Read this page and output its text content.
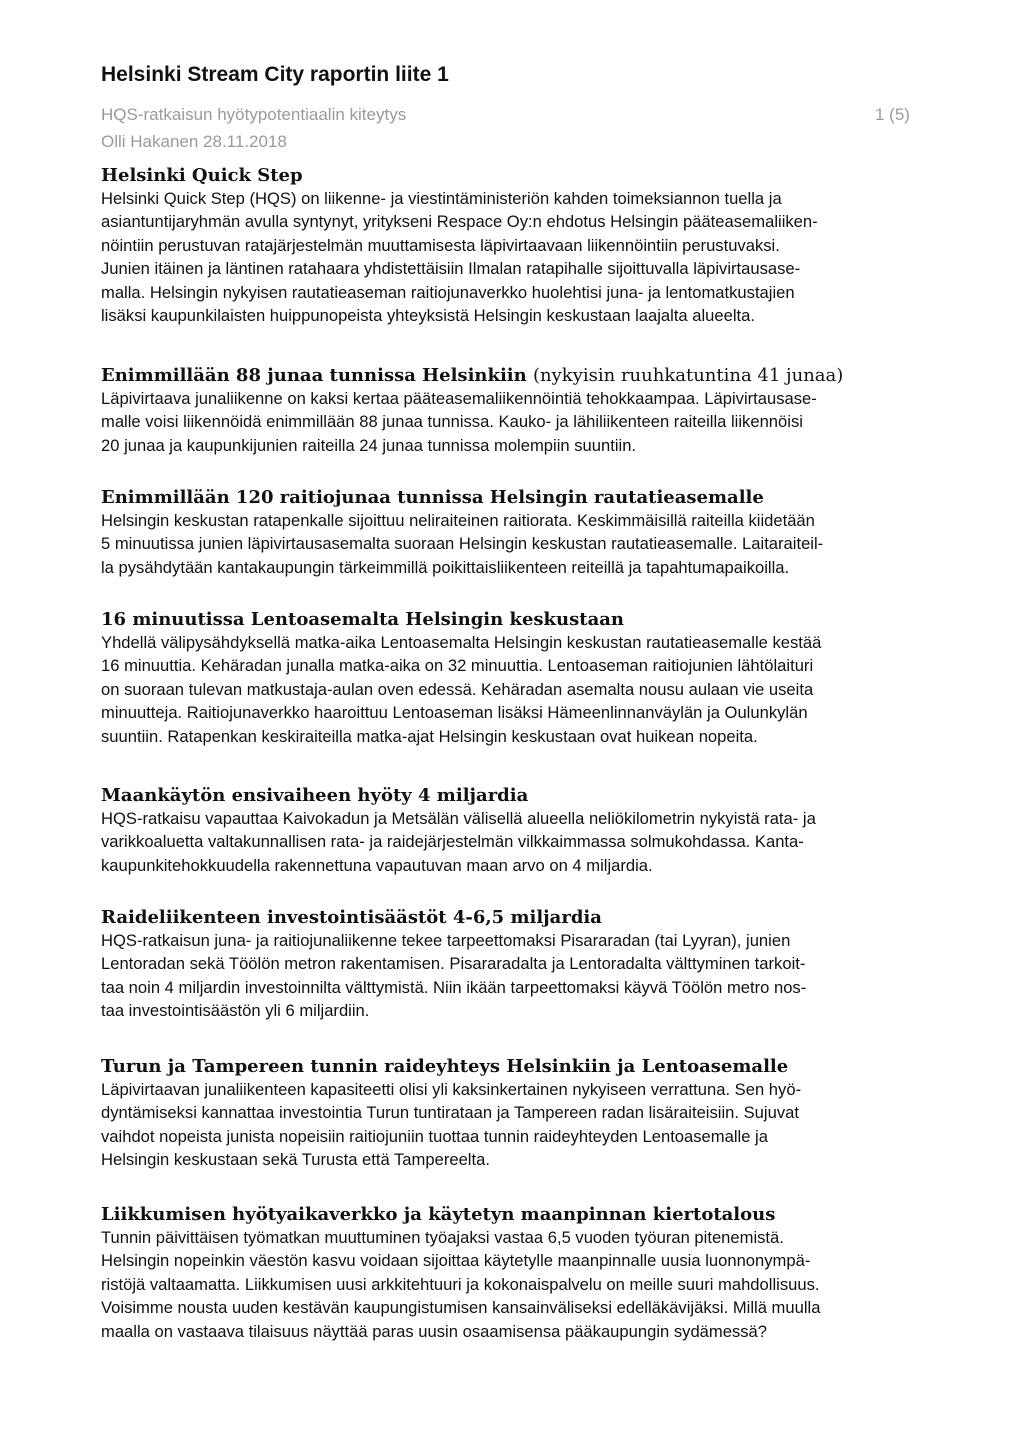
Helsinki Stream City raportin liite 1
HQS-ratkaisun hyötypotentiaalin kiteytys
Olli Hakanen 28.11.2018
1 (5)
Helsinki Quick Step

Helsinki Quick Step (HQS) on liikenne- ja viestintäministeriön kahden toimeksiannon tuella ja
asiantuntijaryhmän avulla syntynyt, yritykseni Respace Oy:n ehdotus Helsingin pääteasemaliiken-
nöintiin perustuvan ratajärjestelmän muuttamisesta läpivirtaavaan liikennöintiin perustuvaksi.
Junien itäinen ja läntinen ratahaara yhdistettäisiin Ilmalan ratapihalle sijoittuvalla läpivirtausase-
malla. Helsingin nykyisen rautatieaseman raitiojunaverkko huolehtisi juna- ja lentomatkustajien
lisäksi kaupunkilaisten huippunopeista yhteyksistä Helsingin keskustaan laajalta alueelta.

Enimmillään 88 junaa tunnissa Helsinkiin (nykyisin ruuhkatuntina 41 junaa)

Läpivirtaava junaliikenne on kaksi kertaa pääteasemaliikennöintiä tehokkaampaa. Läpivirtausase-
malle voisi liikennöidä enimmillään 88 junaa tunnissa. Kauko- ja lähiliikenteen raiteilla liikennöisi
20 junaa ja kaupunkijunien raiteilla 24 junaa tunnissa molempiin suuntiin.

Enimmillään 120 raitiojunaa tunnissa Helsingin rautatieasemalle

Helsingin keskustan ratapenkalle sijoittuu neliraiteinen raitiorata. Keskimmäisillä raiteilla kiidetään
5 minuutissa junien läpivirtausasemalta suoraan Helsingin keskustan rautatieasemalle. Laitaraiteil-
la pysähdytään kantakaupungin tärkeimmillä poikittaisliikenteen reiteillä ja tapahtumapaikoilla.

16 minuutissa Lentoasemalta Helsingin keskustaan

Yhdellä välipysähdyksellä matka-aika Lentoasemalta Helsingin keskustan rautatieasemalle kestää
16 minuuttia. Kehäradan junalla matka-aika on 32 minuuttia. Lentoaseman raitiojunien lähtölaituri
on suoraan tulevan matkustaja-aulan oven edessä. Kehäradan asemalta nousu aulaan vie useita
minuutteja. Raitiojunaverkko haaroittuu Lentoaseman lisäksi Hämeenlinnanväylän ja Oulunkylän
suuntiin. Ratapenkan keskiraiteilla matka-ajat Helsingin keskustaan ovat huikean nopeita.

Maankäytön ensivaiheen hyöty 4 miljardia

HQS-ratkaisu vapauttaa Kaivokadun ja Metsälän välisellä alueella neliökilometrin nykyistä rata- ja
varikkoaluetta valtakunnallisen rata- ja raidejärjestelmän vilkkaimmassa solmukohdassa. Kanta-
kaupunkitehokkuudella rakennettuna vapautuvan maan arvo on 4 miljardia.

Raideliikenteen investointisäästöt 4-6,5 miljardia

HQS-ratkaisun juna- ja raitiojunaliikenne tekee tarpeettomaksi Pisararadan (tai Lyyran), junien
Lentoradan sekä Töölön metron rakentamisen. Pisararadalta ja Lentoradalta välttyminen tarkoit-
taa noin 4 miljardin investoinnilta välttymistä. Niin ikään tarpeettomaksi käyvä Töölön metro nos-
taa investointisäästön yli 6 miljardiin.

Turun ja Tampereen tunnin raideyhteys Helsinkiin ja Lentoasemalle

Läpivirtaavan junaliikenteen kapasiteetti olisi yli kaksinkertainen nykyiseen verrattuna. Sen hyö-
dyntämiseksi kannattaa investointia Turun tuntirataan ja Tampereen radan lisäraiteisiin. Sujuvat
vaihdot nopeista junista nopeisiin raitiojuniin tuottaa tunnin raideyhteyden Lentoasemalle ja
Helsingin keskustaan sekä Turusta että Tampereelta.

Liikkumisen hyötyaikaverkko ja käytetyn maanpinnan kiertotalous

Tunnin päivittäisen työmatkan muuttuminen työajaksi vastaa 6,5 vuoden työuran pitenemistä.
Helsingin nopeinkin väestön kasvu voidaan sijoittaa käytetylle maanpinnalle uusia luonnonympä-
ristöjä valtaamatta. Liikkumisen uusi arkkitehtuuri ja kokonaispalvelu on meille suuri mahdollisuus.
Voisimme nousta uuden kestävän kaupungistumisen kansainväliseksi edelläkävijäksi. Millä muulla
maalla on vastaava tilaisuus näyttää paras uusin osaamisensa pääkaupungin sydämessä?
